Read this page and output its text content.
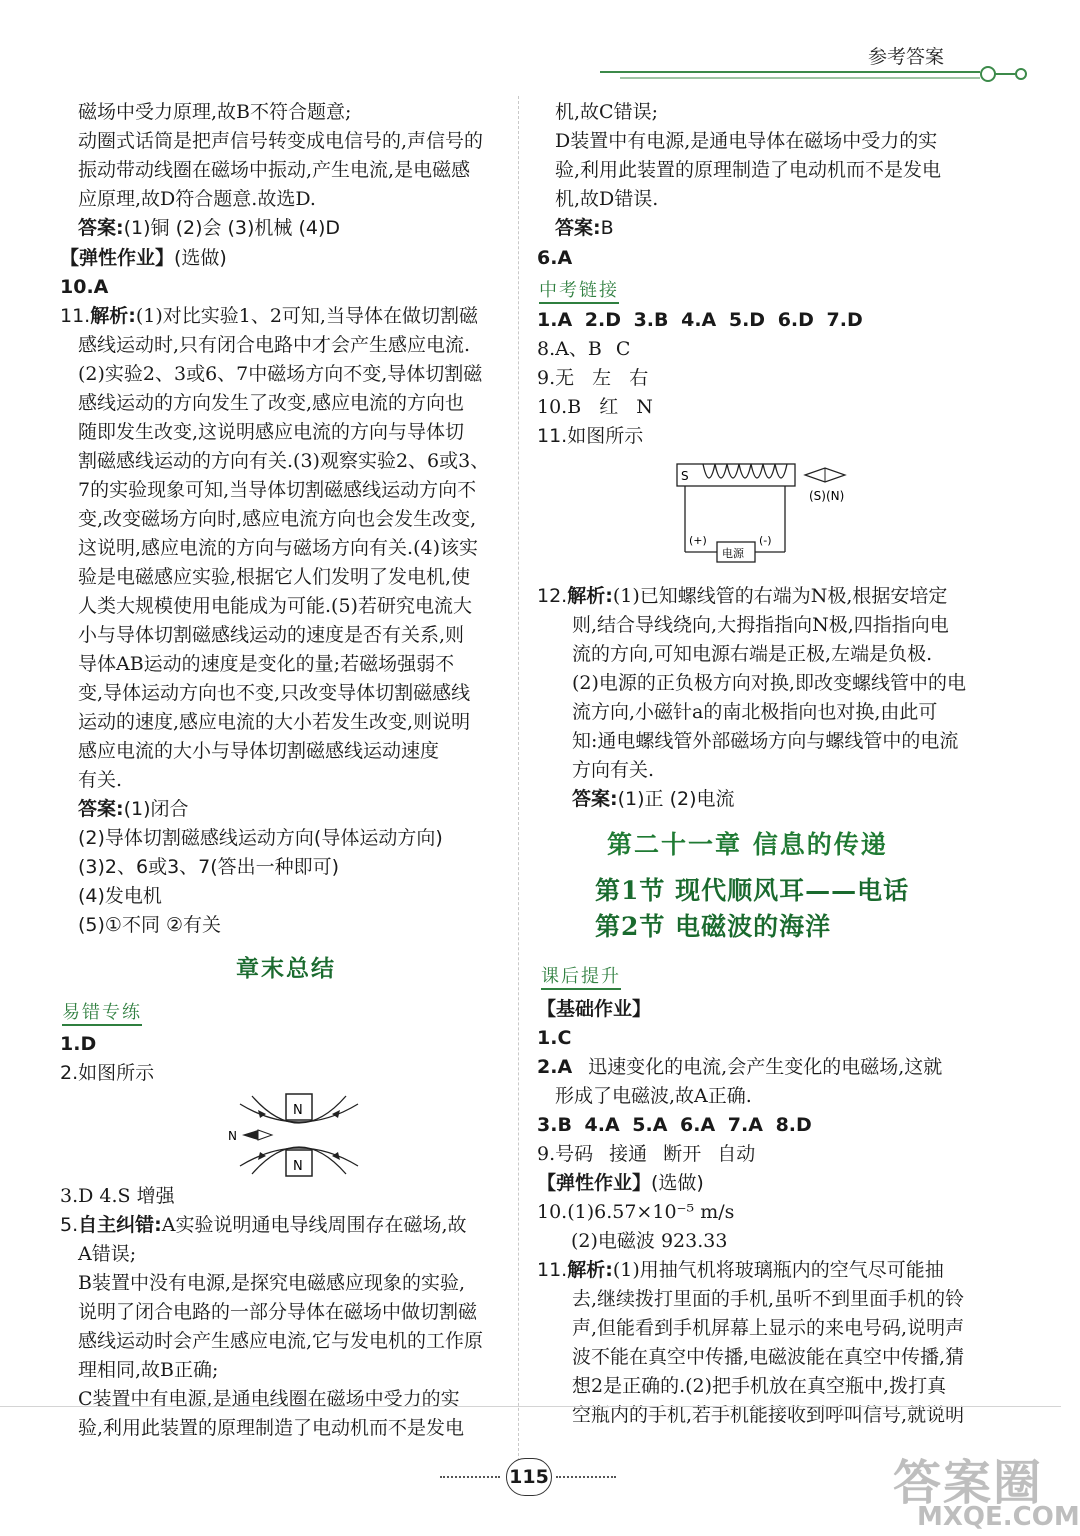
参考答案
磁场中受力原理,故B不符合题意;
动圈式话筒是把声信号转变成电信号的,声信号的
振动带动线圈在磁场中振动,产生电流,是电磁感
应原理,故D符合题意.故选D.
答案:(1)铜 (2)会 (3)机械 (4)D
【弹性作业】(选做)
10.A
11.解析:(1)对比实验1、2可知,当导体在做切割磁
感线运动时,只有闭合电路中才会产生感应电流.
(2)实验2、3或6、7中磁场方向不变,导体切割磁
感线运动的方向发生了改变,感应电流的方向也
随即发生改变,这说明感应电流的方向与导体切
割磁感线运动的方向有关.(3)观察实验2、6或3、
7的实验现象可知,当导体切割磁感线运动方向不
变,改变磁场方向时,感应电流方向也会发生改变,
这说明,感应电流的方向与磁场方向有关.(4)该实
验是电磁感应实验,根据它人们发明了发电机,使
人类大规模使用电能成为可能.(5)若研究电流大
小与导体切割磁感线运动的速度是否有关系,则
导体AB运动的速度是变化的量;若磁场强弱不
变,导体运动方向也不变,只改变导体切割磁感线
运动的速度,感应电流的大小若发生改变,则说明
感应电流的大小与导体切割磁感线运动速度
有关.
答案:(1)闭合
(2)导体切割磁感线运动方向(导体运动方向)
(3)2、6或3、7(答出一种即可)
(4)发电机
(5)①不同 ②有关
章末总结
易错专练
1.D
2.如图所示
N
N
N
3.D 4.S 增强
5.自主纠错:A实验说明通电导线周围存在磁场,故
A错误;
B装置中没有电源,是探究电磁感应现象的实验,
说明了闭合电路的一部分导体在磁场中做切割磁
感线运动时会产生感应电流,它与发电机的工作原
理相同,故B正确;
C装置中有电源,是通电线圈在磁场中受力的实
验,利用此装置的原理制造了电动机而不是发电
机,故C错误;
D装置中有电源,是通电导体在磁场中受力的实
验,利用此装置的原理制造了电动机而不是发电
机,故D错误.
答案:B
6.A
中考链接
1.A 2.D 3.B 4.A 5.D 6.D 7.D
8.A、B C
9.无 左 右
10.B 红 N
11.如图所示
S
(S)(N)
电源
(+)	(-)
12.解析:(1)已知螺线管的右端为N极,根据安培定
则,结合导线绕向,大拇指指向N极,四指指向电
流的方向,可知电源右端是正极,左端是负极.
(2)电源的正负极方向对换,即改变螺线管中的电
流方向,小磁针a的南北极指向也对换,由此可
知:通电螺线管外部磁场方向与螺线管中的电流
方向有关.
答案:(1)正 (2)电流
第二十一章 信息的传递
第1节 现代顺风耳——电话
第2节 电磁波的海洋
课后提升
【基础作业】
1.C
2.A 迅速变化的电流,会产生变化的电磁场,这就
形成了电磁波,故A正确.
3.B 4.A 5.A 6.A 7.A 8.D
9.号码 接通 断开 自动
【弹性作业】(选做)
10.(1)6.57×10⁻⁵ m/s
(2)电磁波 923.33
11.解析:(1)用抽气机将玻璃瓶内的空气尽可能抽
去,继续拨打里面的手机,虽听不到里面手机的铃
声,但能看到手机屏幕上显示的来电号码,说明声
波不能在真空中传播,电磁波能在真空中传播,猜
想2是正确的.(2)把手机放在真空瓶中,拨打真
空瓶内的手机,若手机能接收到呼叫信号,就说明
115	答案圈
MXQE.COM
